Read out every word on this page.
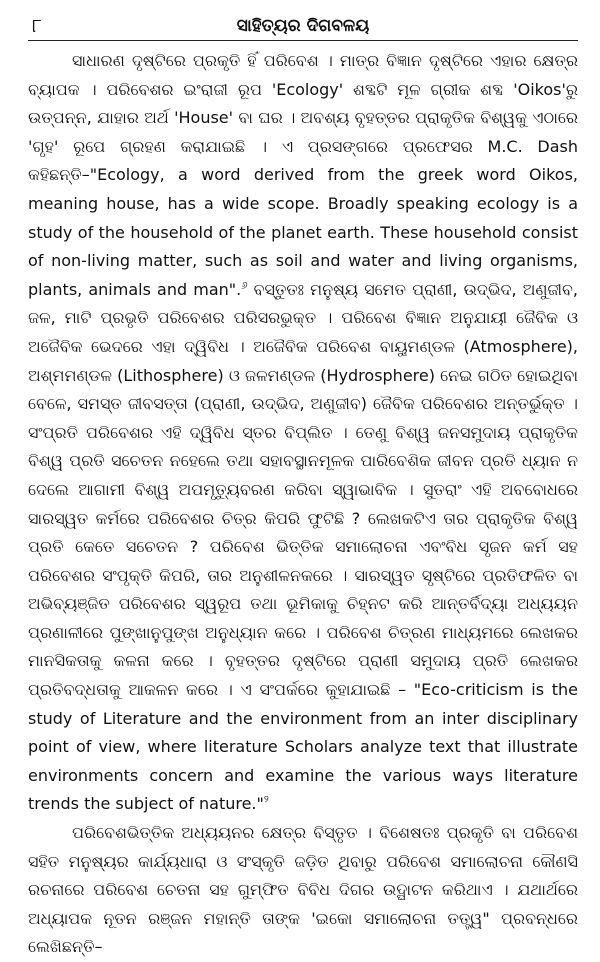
୮	ସାହିତ୍ୟର ଦିଗବଳୟ

ସାଧାରଣ ଦୃଷ୍ଟିରେ ପ୍ରକୃତି ହିଁ ପରିବେଶ । ମାତ୍ର ବିଜ୍ଞାନ ଦୃଷ୍ଟିରେ ଏହାର କ୍ଷେତ୍ର ବ୍ୟାପକ । ପରିବେଶର ଇଂରାଜୀ ରୂପ 'Ecology' ଶବ୍ଦଟି ମୂଳ ଗ୍ରୀକ ଶବ୍ଦ 'Oikos'ରୁ ଉତ୍ପନ୍ନ, ଯାହାର ଅର୍ଥ 'House' ବା ଘର । ଅବଶ୍ୟ ବୃହତ୍ତର ପ୍ରାକୃତିକ ବିଶ୍ୱକୁ ଏଠାରେ 'ଗୃହ' ରୂପେ ଗ୍ରହଣ କରାଯାଇଛି । ଏ ପ୍ରସଙ୍ଗରେ ପ୍ରଫେସର M.C. Dash କହିଛନ୍ତି–"Ecology, a word derived from the greek word Oikos, meaning house, has a wide scope. Broadly speaking ecology is a study of the household of the planet earth. These household consist of non-living matter, such as soil and water and living organisms, plants, animals and man".$^୬$ ବସ୍ତୁତଃ ମନୁଷ୍ୟ ସମେତ ପ୍ରାଣୀ, ଉଦ୍ଭିଦ, ଅଣୁଜୀବ, ଜଳ, ମାଟି ପ୍ରଭୃତି ପରିବେଶର ପରିସରଭୁକ୍ତ । ପରିବେଶ ବିଜ୍ଞାନ ଅନୁଯାୟୀ ଜୈବିକ ଓ ଅଜୈବିକ ଭେଦରେ ଏହା ଦ୍ୱିବିଧ । ଅଜୈବିକ ପରିବେଶ ବାୟୁମଣ୍ଡଳ (Atmosphere), ଅଶ୍ମମଣ୍ଡଳ (Lithosphere) ଓ ଜଳମଣ୍ଡଳ (Hydrosphere) ନେଇ ଗଠିତ ହୋଇଥିବା ବେଳେ, ସମସ୍ତ ଜୀବସତ୍ତା (ପ୍ରାଣୀ, ଉଦ୍ଭିଦ, ଅଣୁଜୀବ) ଜୈବିକ ପରିବେଶର ଅନ୍ତର୍ଭୁକ୍ତ । ସଂପ୍ରତି ପରିବେଶର ଏହି ଦ୍ୱିବିଧ ସ୍ତର ବିପ୍ଲିତ । ତେଣୁ ବିଶ୍ୱ ଜନସମୁଦାୟ ପ୍ରାକୃତିକ ବିଶ୍ୱ ପ୍ରତି ସଚେତନ ନହେଲେ ତଥା ସହାବସ୍ଥାନମୂଳକ ପାରିବେଶିକ ଜୀବନ ପ୍ରତି ଧ୍ୟାନ ନ ଦେଲେ ଆଗାମୀ ବିଶ୍ୱ ଅପମୃତ୍ୟୁବରଣ କରିବା ସ୍ୱାଭାବିକ । ସୁତରାଂ ଏହି ଅବବୋଧରେ ସାରସ୍ୱତ କର୍ମରେ ପରିବେଶର ଚିତ୍ର କିପରି ଫୁଟିଛି ? ଲେଖକଟିଏ ତାର ପ୍ରାକୃତିକ ବିଶ୍ୱ ପ୍ରତି କେତେ ସଚେତନ ? ପରିବେଶ ଭିତ୍ତିକ ସମାଲୋଚନା ଏବଂବିଧ ସୃଜନ କର୍ମ ସହ ପରିବେଶର ସଂପୃକ୍ତି କିପରି, ତାର ଅନୁଶୀଳନକରେ । ସାରସ୍ୱତ ସୃଷ୍ଟିରେ ପ୍ରତିଫଳିତ ବା ଅଭିବ୍ୟଞ୍ଜିତ ପରିବେଶର ସ୍ୱରୂପ ତଥା ଭୂମିକାକୁ ଚିହ୍ନଟ କରି ଆନ୍ତର୍ବିଦ୍ୟା ଅଧ୍ୟୟନ ପ୍ରଣାଳୀରେ ପୁଙ୍ଖାନୁପୁଙ୍ଖ ଅନୁଧ୍ୟାନ କରେ । ପରିବେଶ ଚିତ୍ରଣ ମାଧ୍ୟମରେ ଲେଖକର ମାନସିକତାକୁ କଳନା କରେ । ବୃହତ୍ତର ଦୃଷ୍ଟିରେ ପ୍ରାଣୀ ସମୁଦାୟ ପ୍ରତି ଲେଖକର ପ୍ରତିବଦ୍ଧତାକୁ ଆକଳନ କରେ । ଏ ସଂପର୍କରେ କୁହାଯାଇଛି – "Eco-criticism is the study of Literature and the environment from an inter disciplinary point of view, where literature Scholars analyze text that illustrate environments concern and examine the various ways literature trends the subject of nature."$^୨$

ପରିବେଶଭିତ୍ତିକ ଅଧ୍ୟୟନର କ୍ଷେତ୍ର ବିସ୍ତୃତ । ବିଶେଷତଃ ପ୍ରକୃତି ବା ପରିବେଶ ସହିତ ମନୁଷ୍ୟର କାର୍ଯ୍ୟଧାରା ଓ ସଂସ୍କୃତି ଜଡ଼ିତ ଥିବାରୁ ପରିବେଶ ସମାଲୋଚନା କୌଣସି ରଚନାରେ ପରିବେଶ ଚେତନା ସହ ଗୁମ୍ଫିତ ବିବିଧ ଦିଗର ଉଦ୍ଘାଟନ କରିଥାଏ । ଯଥାର୍ଥରେ ଅଧ୍ୟାପକ ନୂତନ ରଞ୍ଜନ ମହାନ୍ତି ତାଙ୍କ 'ଇକୋ ସମାଲୋଚନା ତତ୍ତ୍ୱ" ପ୍ରବନ୍ଧରେ ଲେଖିଛନ୍ତି–
